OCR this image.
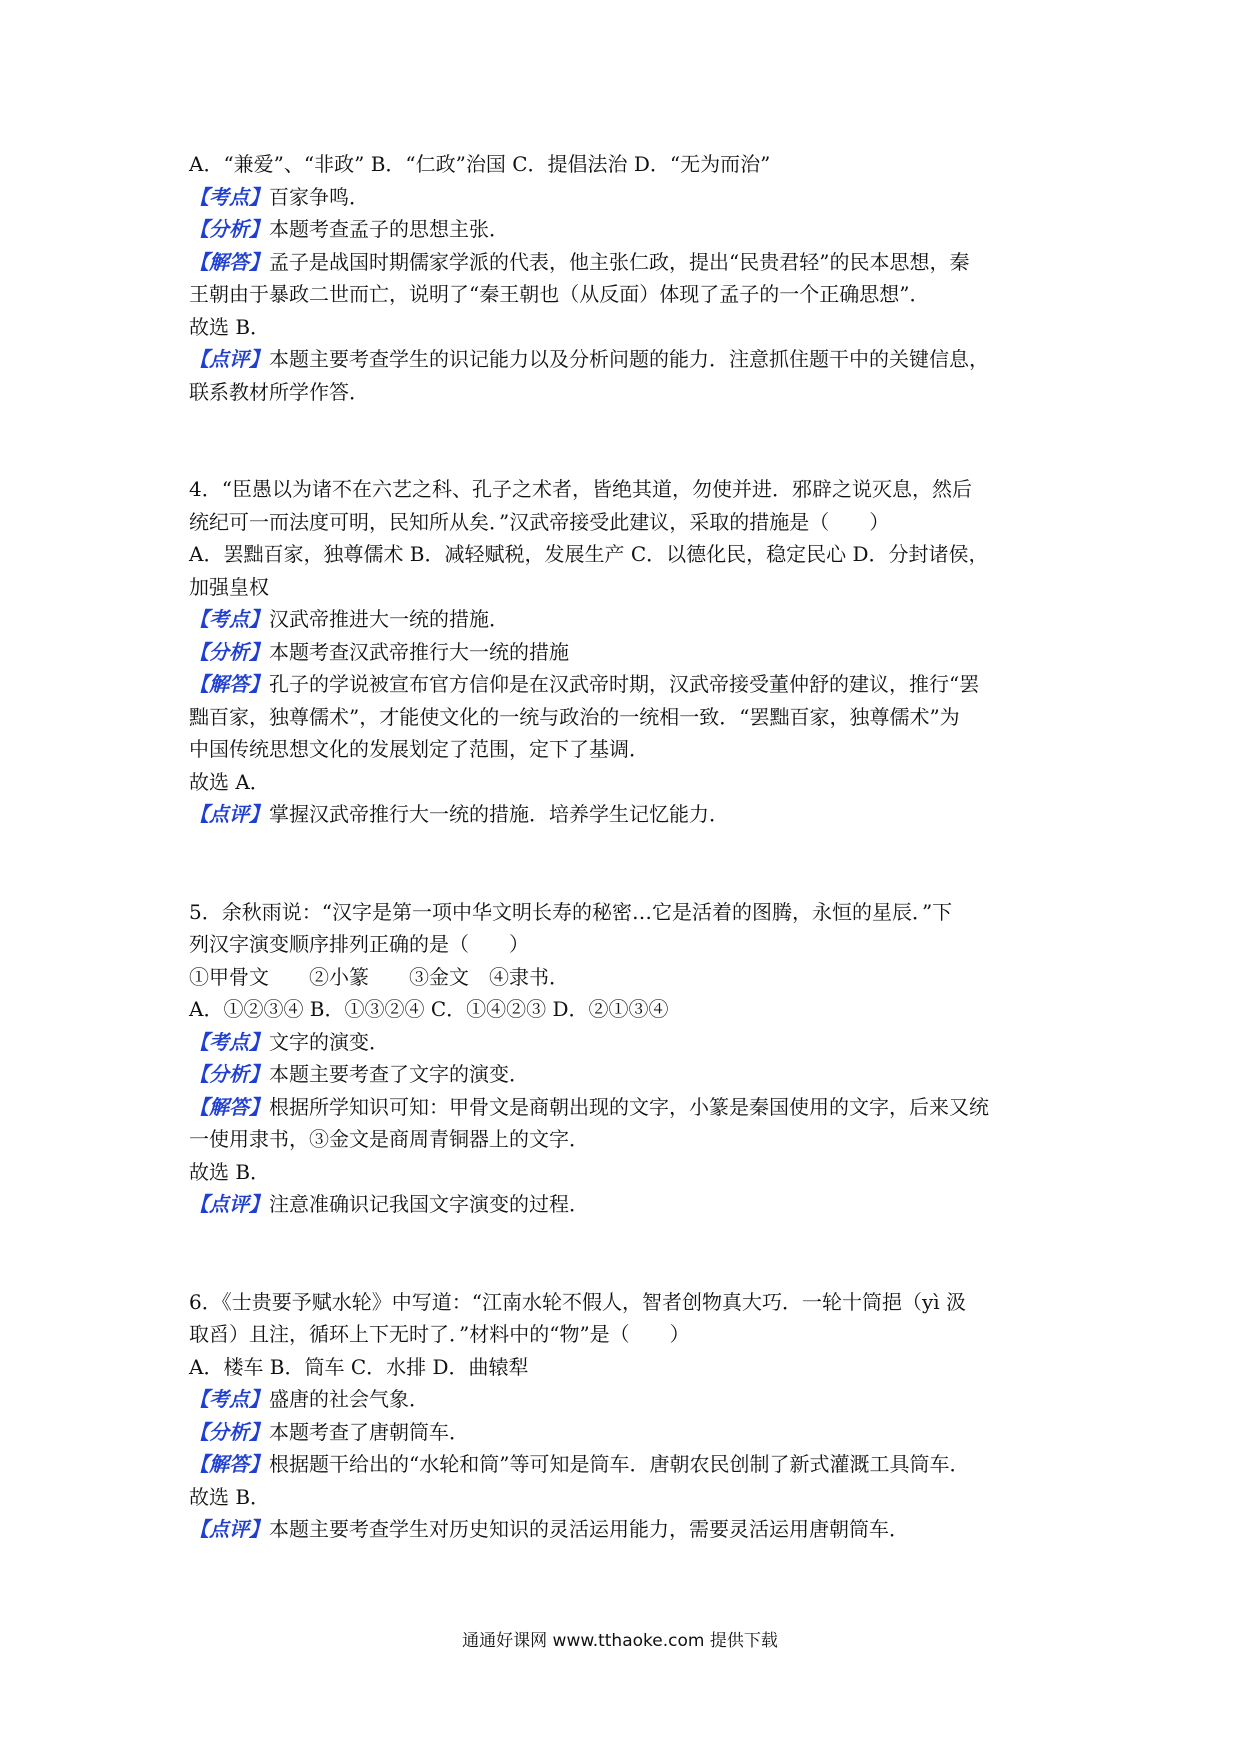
A．“兼爱”、“非政” B．“仁政”治国 C．提倡法治 D．“无为而治”
【考点】百家争鸣．
【分析】本题考查孟子的思想主张．
【解答】孟子是战国时期儒家学派的代表，他主张仁政，提出“民贵君轻”的民本思想，秦
王朝由于暴政二世而亡，说明了“秦王朝也（从反面）体现了孟子的一个正确思想”．
故选 B．
【点评】本题主要考查学生的识记能力以及分析问题的能力．注意抓住题干中的关键信息，
联系教材所学作答．
4．“臣愚以为诸不在六艺之科、孔子之术者，皆绝其道，勿使并进．邪辟之说灭息，然后
统纪可一而法度可明，民知所从矣．”汉武帝接受此建议，采取的措施是（　　）
A．罢黜百家，独尊儒术 B．减轻赋税，发展生产 C．以德化民，稳定民心 D．分封诸侯，
加强皇权
【考点】汉武帝推进大一统的措施．
【分析】本题考查汉武帝推行大一统的措施
【解答】孔子的学说被宣布官方信仰是在汉武帝时期，汉武帝接受董仲舒的建议，推行“罢
黜百家，独尊儒术”，才能使文化的一统与政治的一统相一致．“罢黜百家，独尊儒术”为
中国传统思想文化的发展划定了范围，定下了基调．
故选 A．
【点评】掌握汉武帝推行大一统的措施．培养学生记忆能力．
5．余秋雨说：“汉字是第一项中华文明长寿的秘密…它是活着的图腾，永恒的星辰．”下
列汉字演变顺序排列正确的是（　　）
①甲骨文　　②小篆　　③金文　④隶书．
A．①②③④ B．①③②④ C．①④②③ D．②①③④
【考点】文字的演变．
【分析】本题主要考查了文字的演变．
【解答】根据所学知识可知：甲骨文是商朝出现的文字，小篆是秦国使用的文字，后来又统
一使用隶书，③金文是商周青铜器上的文字．
故选 B．
【点评】注意准确识记我国文字演变的过程．
6．《士贵要予赋水轮》中写道：“江南水轮不假人，智者创物真大巧．一轮十筒挹（yì 汲
取舀）且注，循环上下无时了．”材料中的“物”是（　　）
A．楼车 B．筒车 C．水排 D．曲辕犁
【考点】盛唐的社会气象．
【分析】本题考查了唐朝筒车．
【解答】根据题干给出的“水轮和筒”等可知是筒车．唐朝农民创制了新式灌溉工具筒车．
故选 B．
【点评】本题主要考查学生对历史知识的灵活运用能力，需要灵活运用唐朝筒车．
通通好课网 www.tthaoke.com 提供下载
